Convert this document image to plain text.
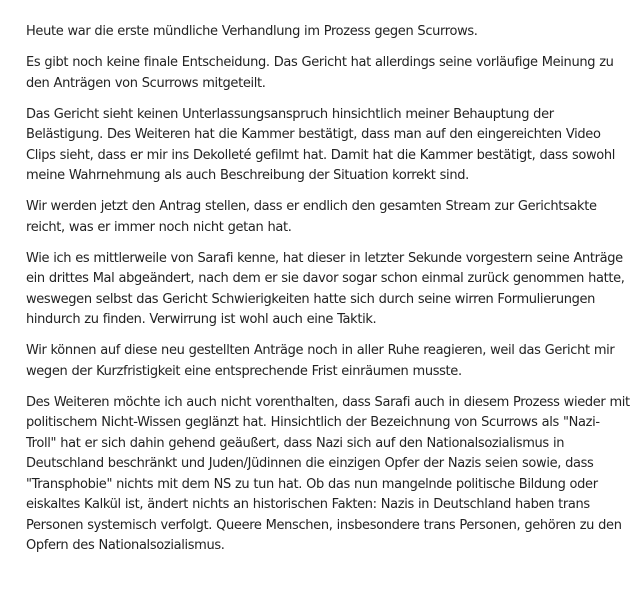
Heute war die erste mündliche Verhandlung im Prozess gegen Scurrows.

Es gibt noch keine finale Entscheidung. Das Gericht hat allerdings seine vorläufige Meinung zu
den Anträgen von Scurrows mitgeteilt.

Das Gericht sieht keinen Unterlassungsanspruch hinsichtlich meiner Behauptung der
Belästigung. Des Weiteren hat die Kammer bestätigt, dass man auf den eingereichten Video
Clips sieht, dass er mir ins Dekolleté gefilmt hat. Damit hat die Kammer bestätigt, dass sowohl
meine Wahrnehmung als auch Beschreibung der Situation korrekt sind.

Wir werden jetzt den Antrag stellen, dass er endlich den gesamten Stream zur Gerichtsakte
reicht, was er immer noch nicht getan hat.

Wie ich es mittlerweile von Sarafi kenne, hat dieser in letzter Sekunde vorgestern seine Anträge
ein drittes Mal abgeändert, nach dem er sie davor sogar schon einmal zurück genommen hatte,
weswegen selbst das Gericht Schwierigkeiten hatte sich durch seine wirren Formulierungen
hindurch zu finden. Verwirrung ist wohl auch eine Taktik.

Wir können auf diese neu gestellten Anträge noch in aller Ruhe reagieren, weil das Gericht mir
wegen der Kurzfristigkeit eine entsprechende Frist einräumen musste.

Des Weiteren möchte ich auch nicht vorenthalten, dass Sarafi auch in diesem Prozess wieder mit
politischem Nicht-Wissen geglänzt hat. Hinsichtlich der Bezeichnung von Scurrows als "Nazi-
Troll" hat er sich dahin gehend geäußert, dass Nazi sich auf den Nationalsozialismus in
Deutschland beschränkt und Juden/Jüdinnen die einzigen Opfer der Nazis seien sowie, dass
"Transphobie" nichts mit dem NS zu tun hat. Ob das nun mangelnde politische Bildung oder
eiskaltes Kalkül ist, ändert nichts an historischen Fakten: Nazis in Deutschland haben trans
Personen systemisch verfolgt. Queere Menschen, insbesondere trans Personen, gehören zu den
Opfern des Nationalsozialismus.
